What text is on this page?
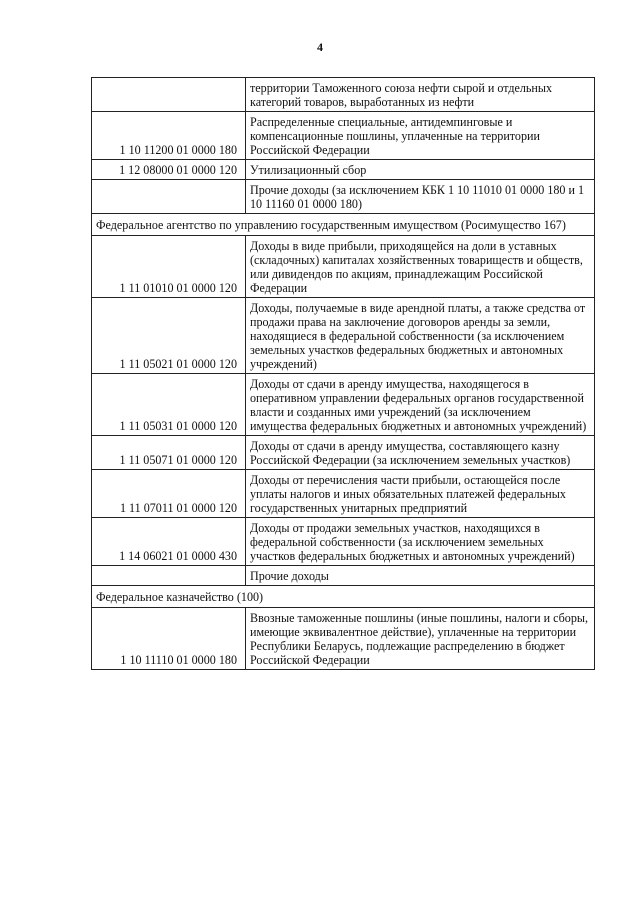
4
	территории Таможенного союза нефти сырой и отдельных категорий товаров, выработанных из нефти
1 10 11200 01 0000 180	Распределенные специальные, антидемпинговые и компенсационные пошлины, уплаченные на территории Российской Федерации
1 12 08000 01 0000 120	Утилизационный сбор
	Прочие доходы (за исключением КБК 1 10 11010 01 0000 180 и 1 10 11160 01 0000 180)
Федеральное агентство по управлению государственным имуществом (Росимущество 167)	
1 11 01010 01 0000 120	Доходы в виде прибыли, приходящейся на доли в уставных (складочных) капиталах хозяйственных товариществ и обществ, или дивидендов по акциям, принадлежащим Российской Федерации
1 11 05021 01 0000 120	Доходы, получаемые в виде арендной платы, а также средства от продажи права на заключение договоров аренды за земли, находящиеся в федеральной собственности (за исключением земельных участков федеральных бюджетных и автономных учреждений)
1 11 05031 01 0000 120	Доходы от сдачи в аренду имущества, находящегося в оперативном управлении федеральных органов государственной власти и созданных ими учреждений (за исключением имущества федеральных бюджетных и автономных учреждений)
1 11 05071 01 0000 120	Доходы от сдачи в аренду имущества, составляющего казну Российской Федерации (за исключением земельных участков)
1 11 07011 01 0000 120	Доходы от перечисления части прибыли, остающейся после уплаты налогов и иных обязательных платежей федеральных государственных унитарных предприятий
1 14 06021 01 0000 430	Доходы от продажи земельных участков, находящихся в федеральной собственности (за исключением земельных участков федеральных бюджетных и автономных учреждений)
	Прочие доходы
Федеральное казначейство (100)	
1 10 11110 01 0000 180	Ввозные таможенные пошлины (иные пошлины, налоги и сборы, имеющие эквивалентное действие), уплаченные на территории Республики Беларусь, подлежащие распределению в бюджет Российской Федерации
